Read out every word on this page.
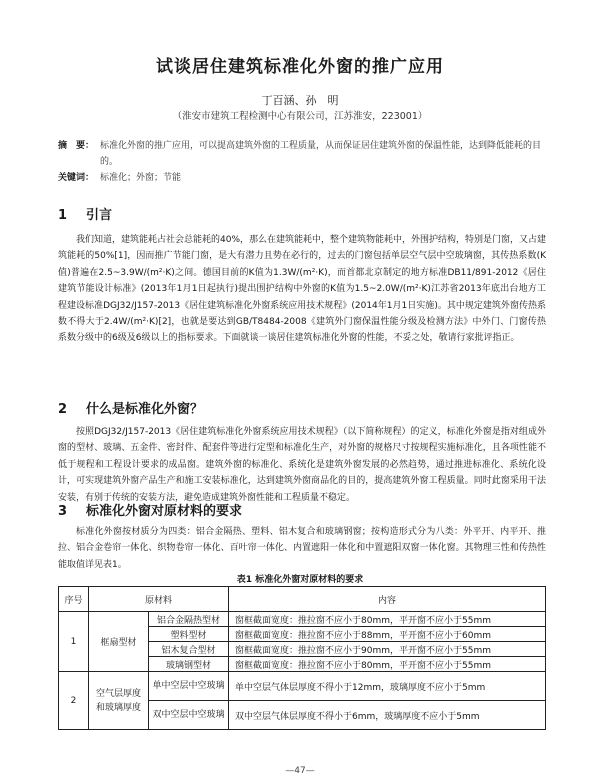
试谈居住建筑标准化外窗的推广应用
丁百涵、孙　明
（淮安市建筑工程检测中心有限公司，江苏淮安，223001）
摘　要： 标准化外窗的推广应用，可以提高建筑外窗的工程质量，从而保证居住建筑外窗的保温性能，达到降低能耗的目的。
关键词： 标准化；外窗；节能
1 引言

我们知道，建筑能耗占社会总能耗的40%，那么在建筑能耗中，整个建筑物能耗中，外围护结构，特别是门窗，又占建筑能耗的50%[1]，因而推广节能门窗，是大有潜力且势在必行的，过去的门窗包括单层空气层中空玻璃窗，其传热系数(K值)普遍在2.5~3.9W/(m²·K)之间。德国目前的K值为1.3W/(m²·K)，而首都北京制定的地方标准DB11/891-2012《居住建筑节能设计标准》(2013年1月1日起执行)提出围护结构中外窗的K值为1.5~2.0W/(m²·K)江苏省2013年底出台地方工程建设标准DGJ32/J157-2013《居住建筑标准化外窗系统应用技术规程》(2014年1月1日实施)。其中规定建筑外窗传热系数不得大于2.4W/(m²·K)[2]，也就是要达到GB/T8484-2008《建筑外门窗保温性能分级及检测方法》中外门、门窗传热系数分级中的6级及6级以上的指标要求。下面就谈一谈居住建筑标准化外窗的性能，不妥之处，敬请行家批评指正。

2 什么是标准化外窗？

按照DGJ32/J157-2013《居住建筑标准化外窗系统应用技术规程》（以下简称规程）的定义，标准化外窗是指对组成外窗的型材、玻璃、五金件、密封件、配套件等进行定型和标准化生产，对外窗的规格尺寸按规程实施标准化，且各项性能不低于规程和工程设计要求的成品窗。建筑外窗的标准化、系统化是建筑外窗发展的必然趋势，通过推进标准化、系统化设计，可实现建筑外窗产品生产和施工安装标准化，达到建筑外窗商品化的目的，提高建筑外窗工程质量。同时此窗采用干法安装，有别于传统的安装方法，避免造成建筑外窗性能和工程质量不稳定。

3 标准化外窗对原材料的要求

标准化外窗按材质分为四类：铝合金隔热、塑料、铝木复合和玻璃钢窗；按构造形式分为八类：外平开、内平开、推拉、铝合金卷帘一体化、织物卷帘一体化、百叶帘一体化、内置遮阳一体化和中置遮阳双窗一体化窗。其物理三性和传热性能取值详见表1。

表1 标准化外窗对原材料的要求
序号	原材料		内容
1	框扇型材	铝合金隔热型材	窗框截面宽度：推拉窗不应小于80mm，平开窗不应小于55mm
		塑料型材	窗框截面宽度：推拉窗不应小于88mm，平开窗不应小于60mm
		铝木复合型材	窗框截面宽度：推拉窗不应小于90mm，平开窗不应小于55mm
		玻璃钢型材	窗框截面宽度：推拉窗不应小于80mm，平开窗不应小于55mm
2	空气层厚度和玻璃厚度	单中空层中空玻璃	单中空层气体层厚度不得小于12mm，玻璃厚度不应小于5mm
		双中空层中空玻璃	双中空层气体层厚度不得小于6mm，玻璃厚度不应小于5mm
—47—
